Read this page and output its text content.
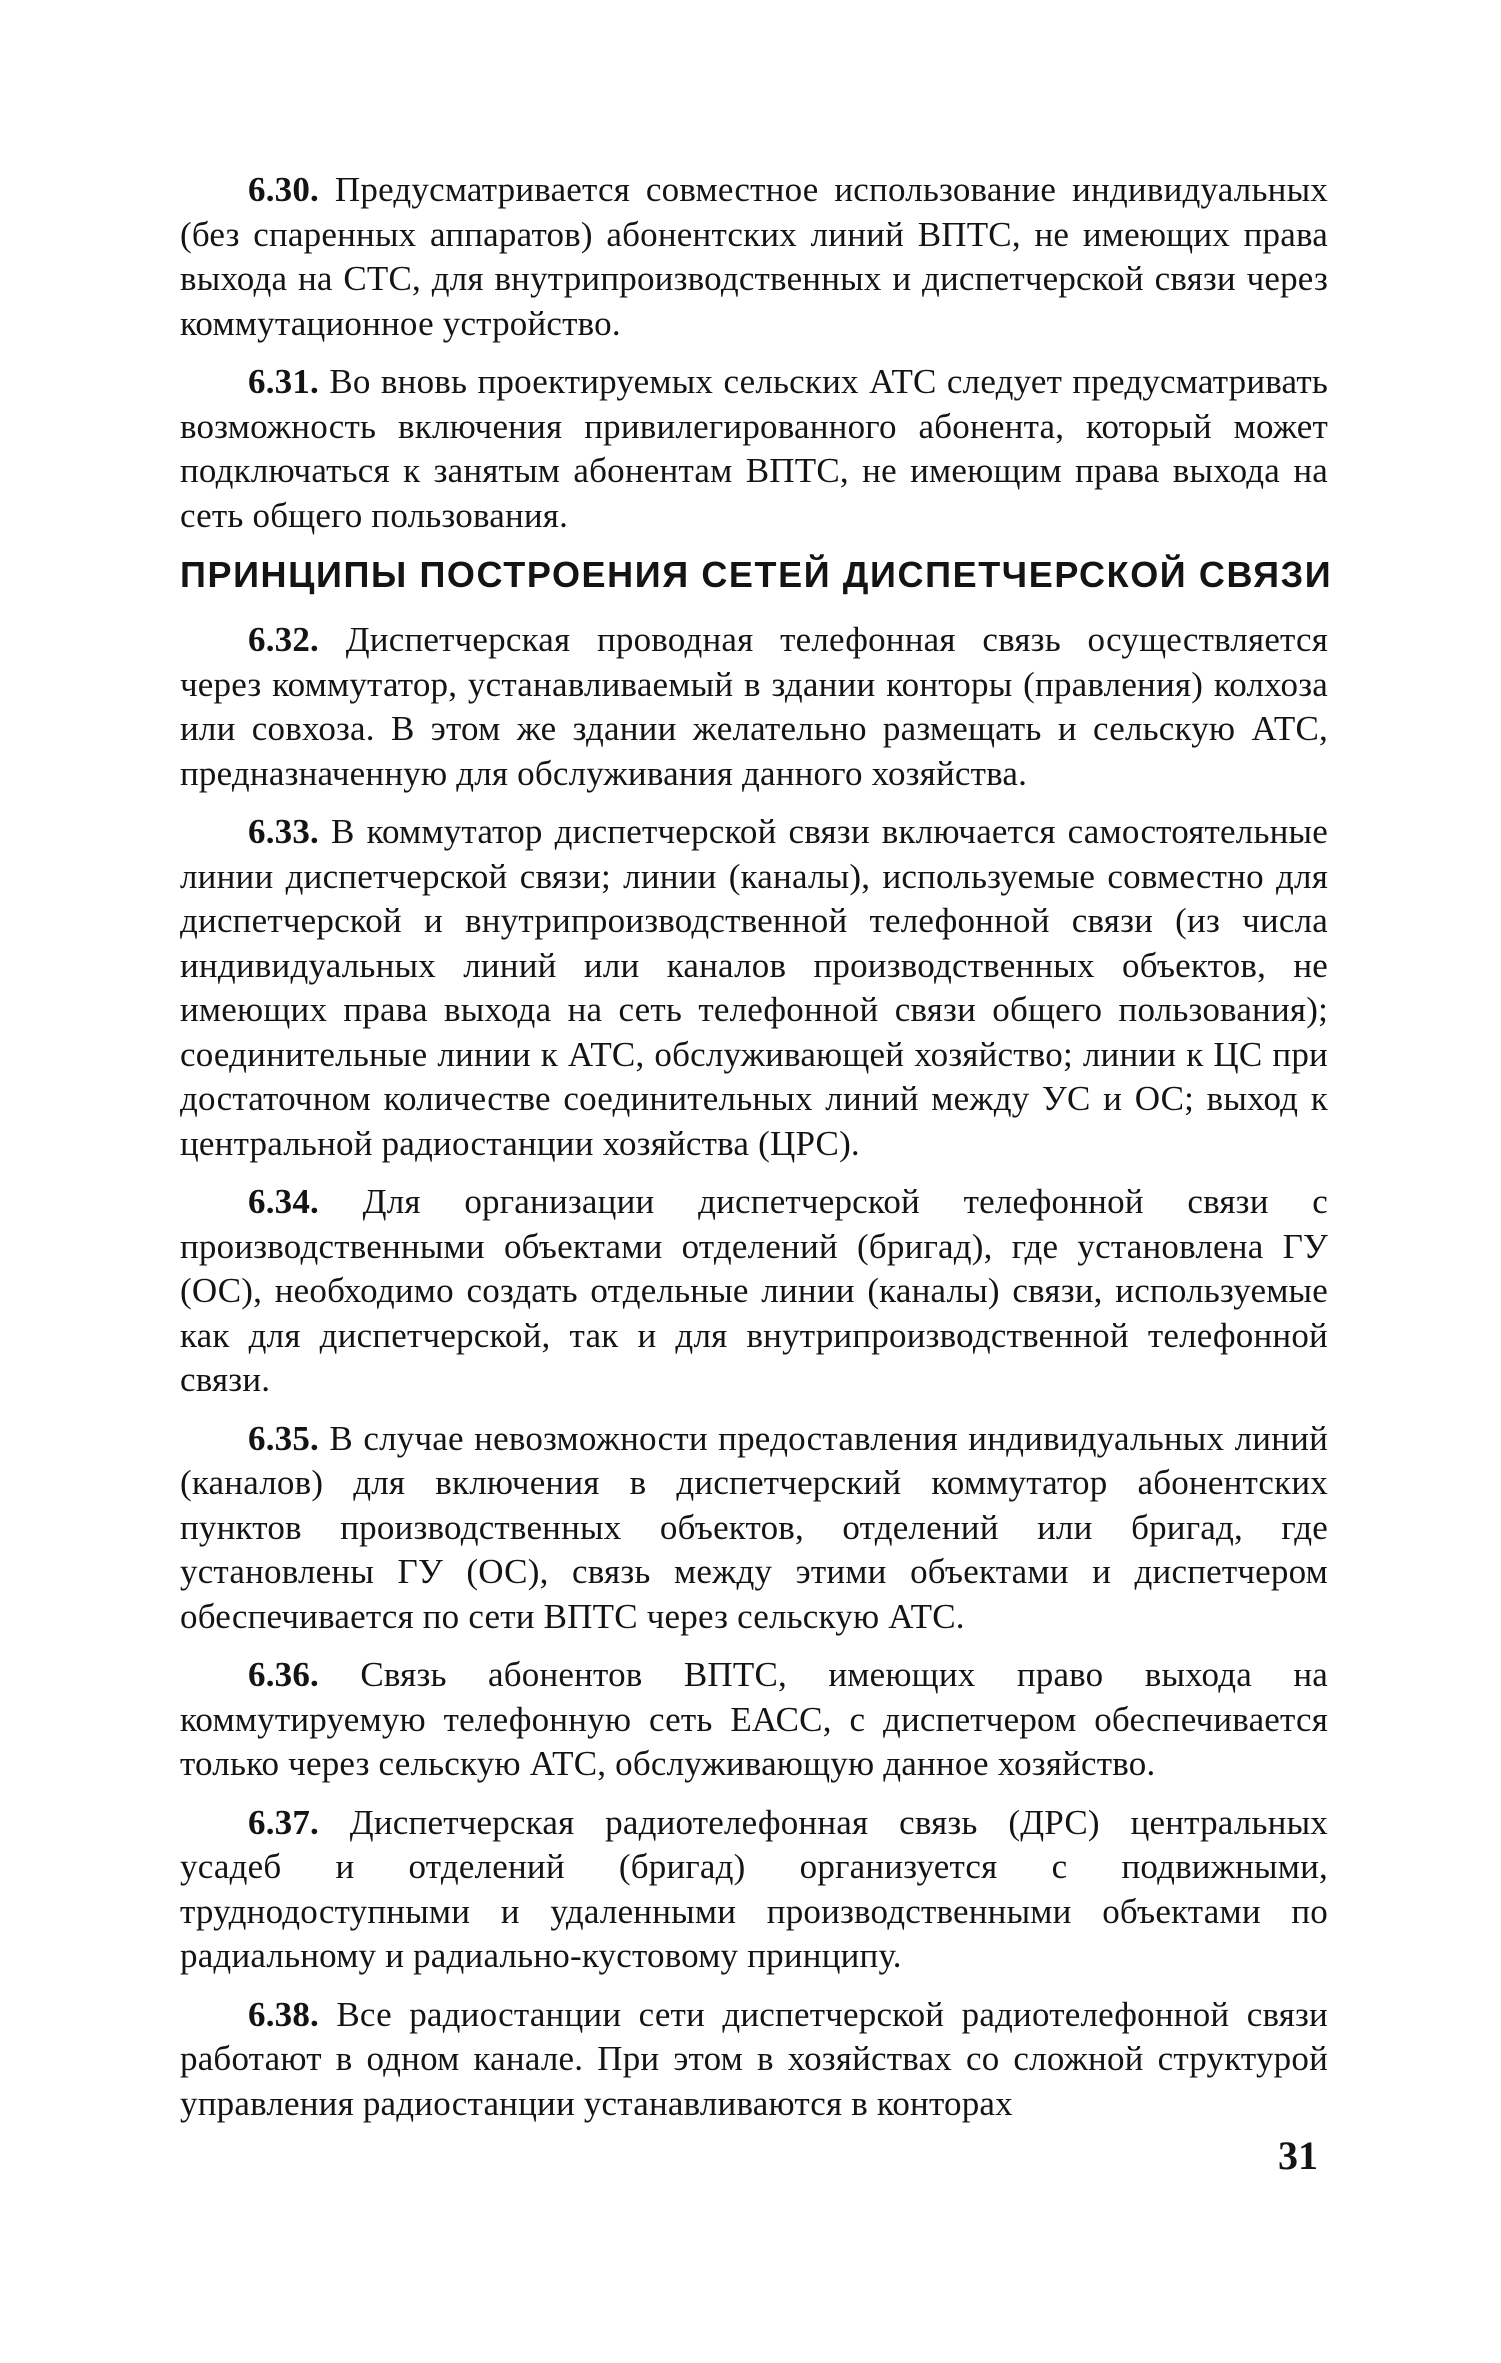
6.30. Предусматривается совместное использование индивидуальных (без спаренных аппаратов) абонентских линий ВПТС, не имеющих права выхода на СТС, для внутрипроизводственных и диспетчерской связи через коммутационное устройство.

6.31. Во вновь проектируемых сельских АТС следует предусматривать возможность включения привилегированного абонента, который может подключаться к занятым абонентам ВПТС, не имеющим права выхода на сеть общего пользования.

ПРИНЦИПЫ ПОСТРОЕНИЯ СЕТЕЙ ДИСПЕТЧЕРСКОЙ СВЯЗИ

6.32. Диспетчерская проводная телефонная связь осуществляется через коммутатор, устанавливаемый в здании конторы (правления) колхоза или совхоза. В этом же здании желательно размещать и сельскую АТС, предназначенную для обслуживания данного хозяйства.

6.33. В коммутатор диспетчерской связи включается самостоятельные линии диспетчерской связи; линии (каналы), используемые совместно для диспетчерской и внутрипроизводственной телефонной связи (из числа индивидуальных линий или каналов производственных объектов, не имеющих права выхода на сеть телефонной связи общего пользования); соединительные линии к АТС, обслуживающей хозяйство; линии к ЦС при достаточном количестве соединительных линий между УС и ОС; выход к центральной радиостанции хозяйства (ЦРС).

6.34. Для организации диспетчерской телефонной связи с производственными объектами отделений (бригад), где установлена ГУ (ОС), необходимо создать отдельные линии (каналы) связи, используемые как для диспетчерской, так и для внутрипроизводственной телефонной связи.

6.35. В случае невозможности предоставления индивидуальных линий (каналов) для включения в диспетчерский коммутатор абонентских пунктов производственных объектов, отделений или бригад, где установлены ГУ (ОС), связь между этими объектами и диспетчером обеспечивается по сети ВПТС через сельскую АТС.

6.36. Связь абонентов ВПТС, имеющих право выхода на коммутируемую телефонную сеть ЕАСС, с диспетчером обеспечивается только через сельскую АТС, обслуживающую данное хозяйство.

6.37. Диспетчерская радиотелефонная связь (ДРС) центральных усадеб и отделений (бригад) организуется с подвижными, труднодоступными и удаленными производственными объектами по радиальному и радиально-кустовому принципу.

6.38. Все радиостанции сети диспетчерской радиотелефонной связи работают в одном канале. При этом в хозяйствах со сложной структурой управления радиостанции устанавливаются в конторах

31
